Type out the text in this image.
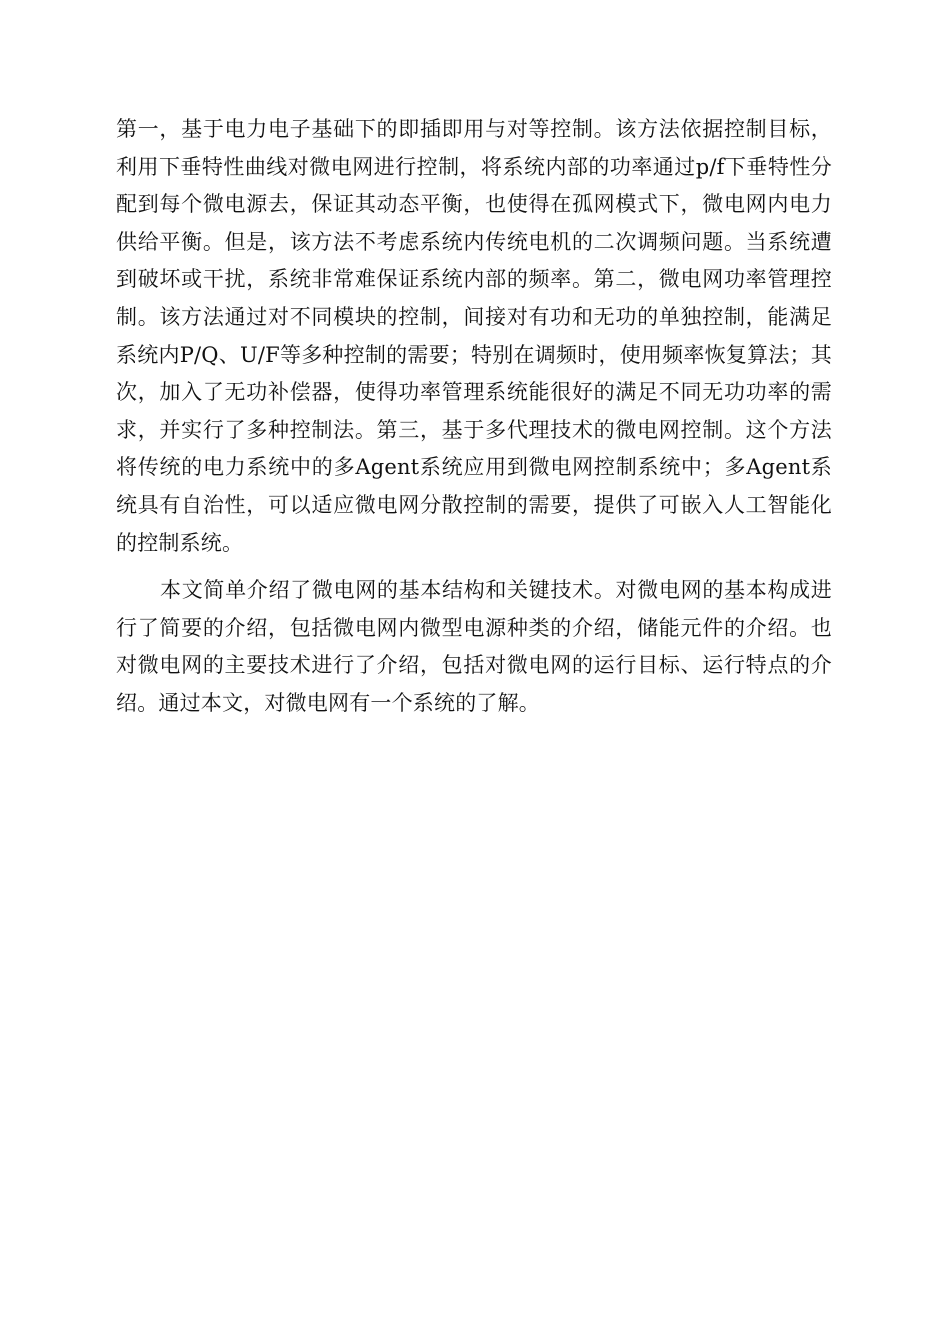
第一，基于电力电子基础下的即插即用与对等控制。该方法依据控制目标，利用下垂特性曲线对微电网进行控制，将系统内部的功率通过p/f下垂特性分配到每个微电源去，保证其动态平衡，也使得在孤网模式下，微电网内电力供给平衡。但是，该方法不考虑系统内传统电机的二次调频问题。当系统遭到破坏或干扰，系统非常难保证系统内部的频率。第二，微电网功率管理控制。该方法通过对不同模块的控制，间接对有功和无功的单独控制，能满足系统内P/Q、U/F等多种控制的需要；特别在调频时，使用频率恢复算法；其次，加入了无功补偿器，使得功率管理系统能很好的满足不同无功功率的需求，并实行了多种控制法。第三，基于多代理技术的微电网控制。这个方法将传统的电力系统中的多Agent系统应用到微电网控制系统中；多Agent系统具有自治性，可以适应微电网分散控制的需要，提供了可嵌入人工智能化的控制系统。

本文简单介绍了微电网的基本结构和关键技术。对微电网的基本构成进行了简要的介绍，包括微电网内微型电源种类的介绍，储能元件的介绍。也对微电网的主要技术进行了介绍，包括对微电网的运行目标、运行特点的介绍。通过本文，对微电网有一个系统的了解。
